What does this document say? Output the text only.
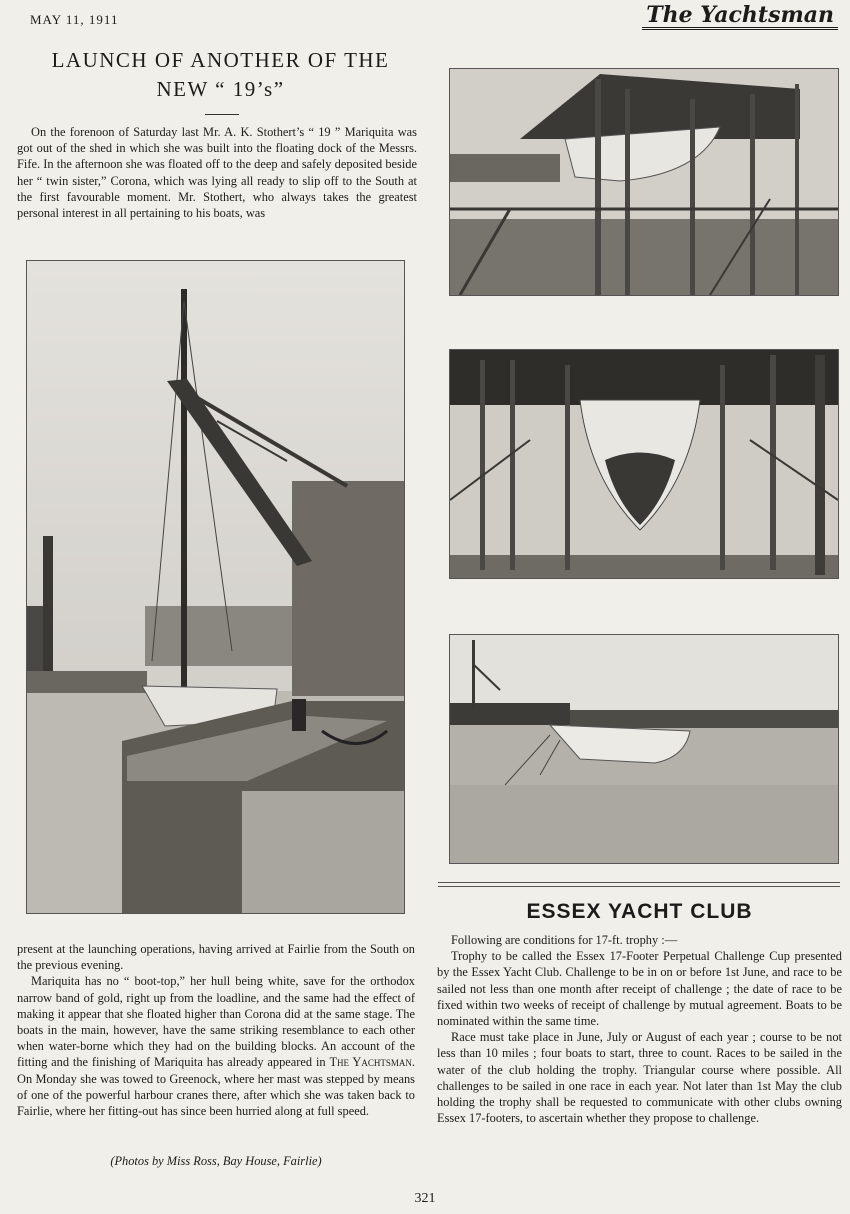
MAY 11, 1911	The Yachtsman
LAUNCH OF ANOTHER OF THE
NEW “ 19’s”

On the forenoon of Saturday last Mr. A. K. Stothert’s “ 19 ” Mariquita was got out of the shed in which she was built into the floating dock of the Messrs. Fife. In the afternoon she was floated off to the deep and safely deposited beside her “ twin sister,” Corona, which was lying all ready to slip off to the South at the first favourable moment. Mr. Stothert, who always takes the greatest personal interest in all pertaining to his boats, was

present at the launching operations, having arrived at Fairlie from the South on the previous evening.

Mariquita has no “ boot-top,” her hull being white, save for the orthodox narrow band of gold, right up from the loadline, and the same had the effect of making it appear that she floated higher than Corona did at the same stage. The boats in the main, however, have the same striking resemblance to each other when water-borne which they had on the building blocks. An account of the fitting and the finishing of Mariquita has already appeared in The Yachtsman. On Monday she was towed to Greenock, where her mast was stepped by means of one of the powerful harbour cranes there, after which she was taken back to Fairlie, where her fitting-out has since been hurried along at full speed.

(Photos by Miss Ross, Bay House, Fairlie)
ESSEX YACHT CLUB

Following are conditions for 17-ft. trophy :—

Trophy to be called the Essex 17-Footer Perpetual Challenge Cup presented by the Essex Yacht Club. Challenge to be in on or before 1st June, and race to be sailed not less than one month after receipt of challenge ; the date of race to be fixed within two weeks of receipt of challenge by mutual agreement. Boats to be nominated within the same time.

Race must take place in June, July or August of each year ; course to be not less than 10 miles ; four boats to start, three to count. Races to be sailed in the water of the club holding the trophy. Triangular course where possible. All challenges to be sailed in one race in each year. Not later than 1st May the club holding the trophy shall be requested to communicate with other clubs owning Essex 17-footers, to ascertain whether they propose to challenge.

321
